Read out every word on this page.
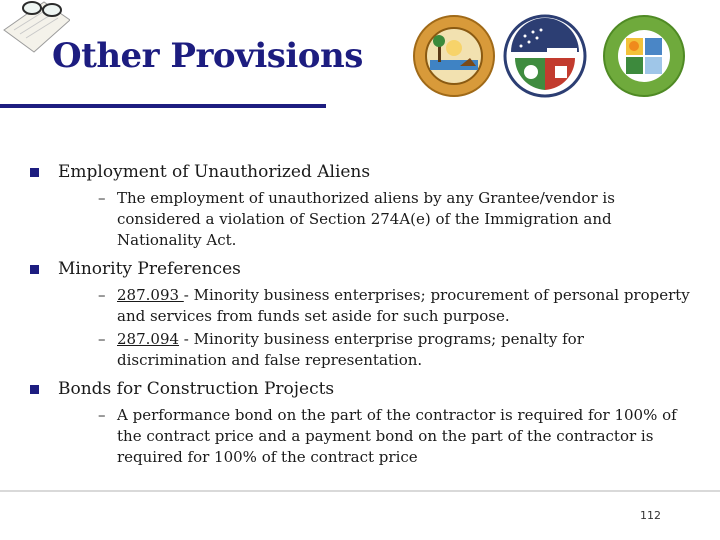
Other Provisions
Employment of Unauthorized Aliens
– The employment of unauthorized aliens by any Grantee/vendor is considered a violation of Section 274A(e) of the Immigration and Nationality Act.
Minority Preferences
– 287.093 - Minority business enterprises; procurement of personal property and services from funds set aside for such purpose.
– 287.094 - Minority business enterprise programs; penalty for discrimination and false representation.
Bonds for Construction Projects
– A performance bond on the part of the contractor is required for 100% of the contract price and a payment bond on the part of the contractor is required for 100% of the contract price
112
